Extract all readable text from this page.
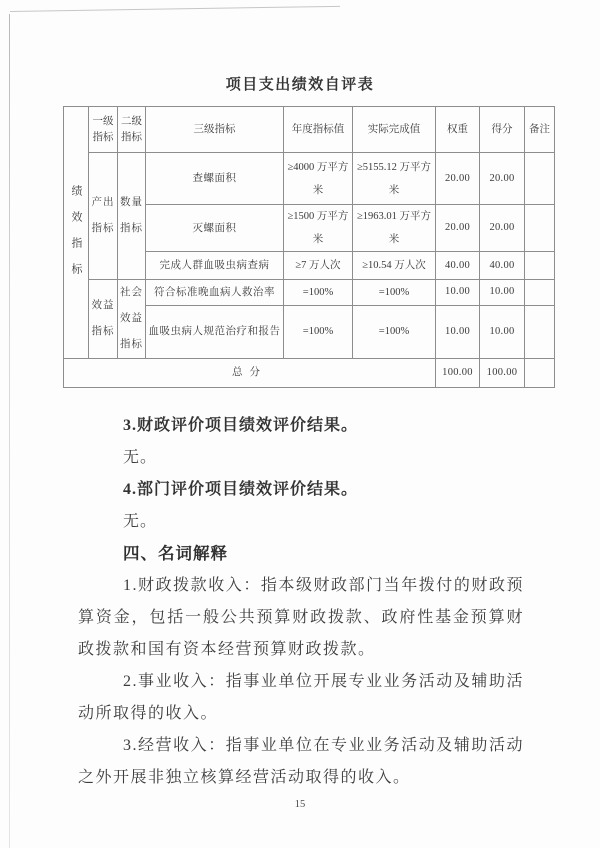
项目支出绩效自评表
绩效指标	一级指标	二级指标	三级指标	年度指标值	实际完成值	权重	得分	备注
	产出指标	数量指标	查螺面积	≥4000 万平方米	≥5155.12 万平方米	20.00	20.00	
			灭螺面积	≥1500 万平方米	≥1963.01 万平方米	20.00	20.00	
			完成人群血吸虫病查病	≥7 万人次	≥10.54 万人次	40.00	40.00	
	效益指标	社会效益指标	符合标准晚血病人救治率	=100%	=100%	10.00	10.00	
			血吸虫病人规范治疗和报告	=100%	=100%	10.00	10.00	
总分						100.00	100.00	

3.财政评价项目绩效评价结果。

无。

4.部门评价项目绩效评价结果。

无。

四、名词解释

1.财政拨款收入：指本级财政部门当年拨付的财政预算资金，包括一般公共预算财政拨款、政府性基金预算财政拨款和国有资本经营预算财政拨款。

2.事业收入：指事业单位开展专业业务活动及辅助活动所取得的收入。

3.经营收入：指事业单位在专业业务活动及辅助活动之外开展非独立核算经营活动取得的收入。

15
